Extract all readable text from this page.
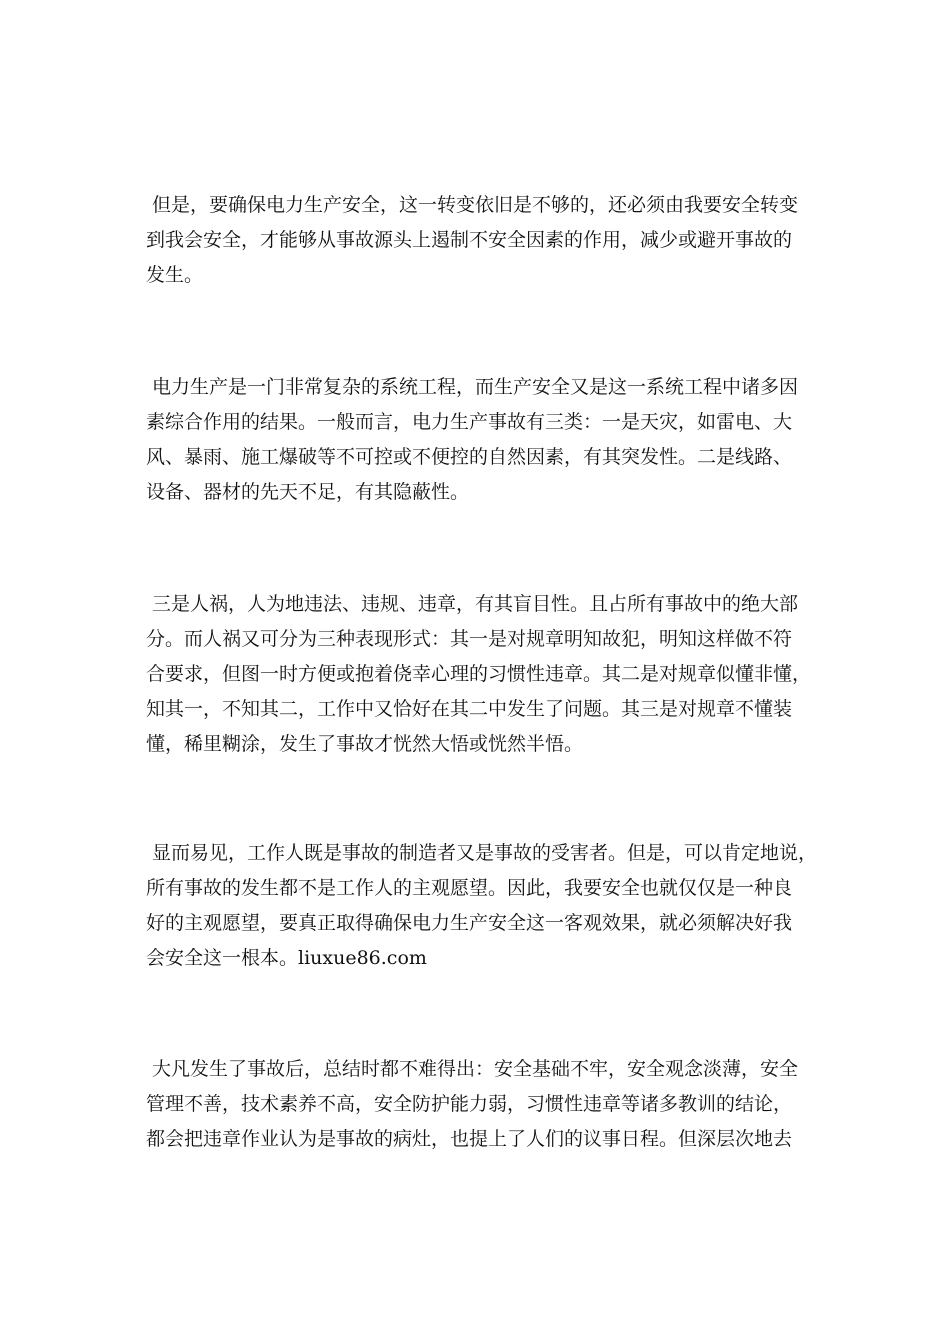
但是，要确保电力生产安全，这一转变依旧是不够的，还必须由我要安全转变
到我会安全，才能够从事故源头上遏制不安全因素的作用，减少或避开事故的
发生。

电力生产是一门非常复杂的系统工程，而生产安全又是这一系统工程中诸多因
素综合作用的结果。一般而言，电力生产事故有三类：一是天灾，如雷电、大
风、暴雨、施工爆破等不可控或不便控的自然因素，有其突发性。二是线路、
设备、器材的先天不足，有其隐蔽性。

三是人祸，人为地违法、违规、违章，有其盲目性。且占所有事故中的绝大部
分。而人祸又可分为三种表现形式：其一是对规章明知故犯，明知这样做不符
合要求，但图一时方便或抱着侥幸心理的习惯性违章。其二是对规章似懂非懂，
知其一，不知其二，工作中又恰好在其二中发生了问题。其三是对规章不懂装
懂，稀里糊涂，发生了事故才恍然大悟或恍然半悟。

显而易见，工作人既是事故的制造者又是事故的受害者。但是，可以肯定地说，
所有事故的发生都不是工作人的主观愿望。因此，我要安全也就仅仅是一种良
好的主观愿望，要真正取得确保电力生产安全这一客观效果，就必须解决好我
会安全这一根本。liuxue86.com

大凡发生了事故后，总结时都不难得出：安全基础不牢，安全观念淡薄，安全
管理不善，技术素养不高，安全防护能力弱，习惯性违章等诸多教训的结论，
都会把违章作业认为是事故的病灶，也提上了人们的议事日程。但深层次地去
